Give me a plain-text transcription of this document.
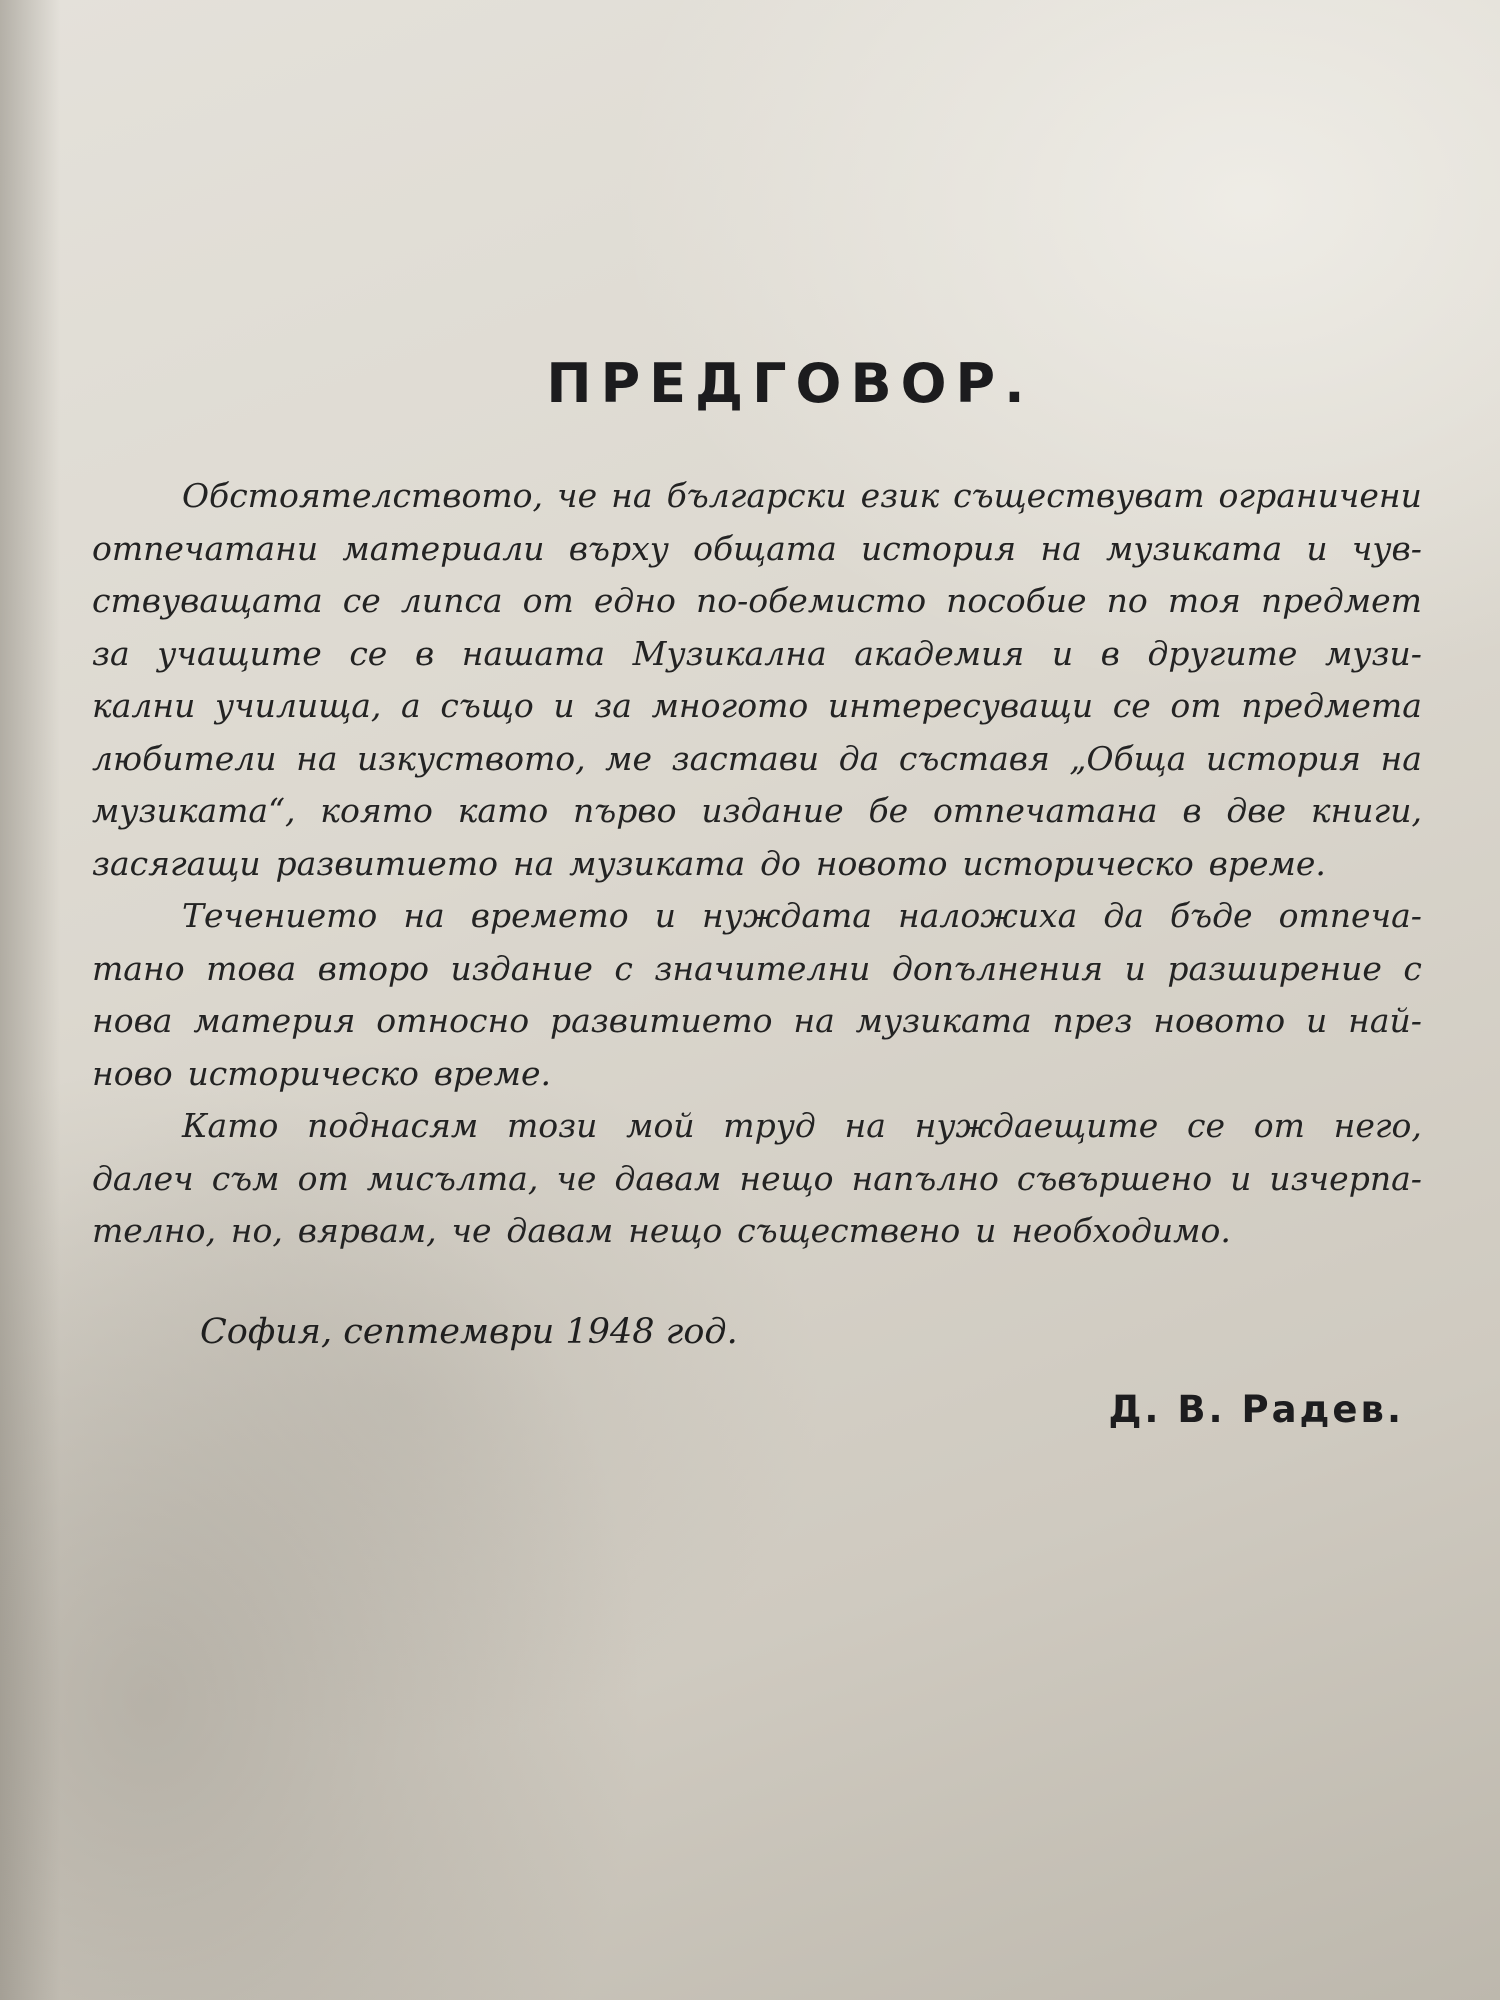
ПРЕДГОВОР.
Обстоятелството, че на български език съществуват ограничени
отпечатани материали върху общата история на музиката и чув-
ствуващата се липса от едно по-обемисто пособие по тоя предмет
за учащите се в нашата Музикална академия и в другите музи-
кални училища, а също и за многото интересуващи се от предмета
любители на изкуството, ме застави да съставя „Обща история на
музиката“, която като първо издание бе отпечатана в две книги,
засягащи развитието на музиката до новото историческо време.
Течението на времето и нуждата наложиха да бъде отпеча-
тано това второ издание с значителни допълнения и разширение с
нова материя относно развитието на музиката през новото и най-
ново историческо време.
Като поднасям този мой труд на нуждаещите се от него,
далеч съм от мисълта, че давам нещо напълно съвършено и изчерпа-
телно, но, вярвам, че давам нещо съществено и необходимо.
София, септември 1948 год.
Д. В. Радев.
